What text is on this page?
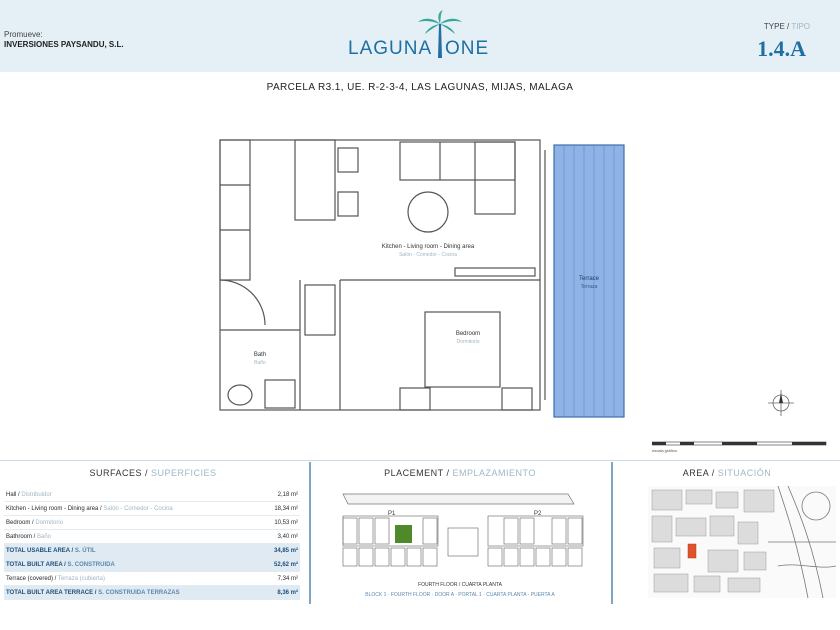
Promueve:
INVERSIONES PAYSANDU, S.L.	LAGUNA ONE
TYPE / TIPO
1.4.A
PARCELA R3.1, UE. R-2-3-4, LAS LAGUNAS, MIJAS, MALAGA
Kitchen - Living room - Dining area
Salón - Comedor - Cocina
Terrace
Terraza
Bedroom
Dormitorio
Bath
Baño
escala gráfica
SURFACES / SUPERFICIES
Hall / Distribuidor	2,18 m²
Kitchen - Living room - Dining area / Salón - Comedor - Cocina	18,34 m²
Bedroom / Dormitorio	10,53 m²
Bathroom / Baño	3,40 m²
TOTAL USABLE AREA / S. ÚTIL	34,85 m²
TOTAL BUILT AREA / S. CONSTRUIDA	52,62 m²
Terrace (covered) / Terraza (cubierta)	7,34 m²
TOTAL BUILT AREA TERRACE / S. CONSTRUIDA TERRAZAS	8,36 m²
PLACEMENT / EMPLAZAMIENTO
P1	P2
FOURTH FLOOR / CUARTA PLANTA
BLOCK 1 · FOURTH FLOOR · DOOR A · PORTAL 1 · CUARTA PLANTA · PUERTA A
AREA / SITUACIÓN
